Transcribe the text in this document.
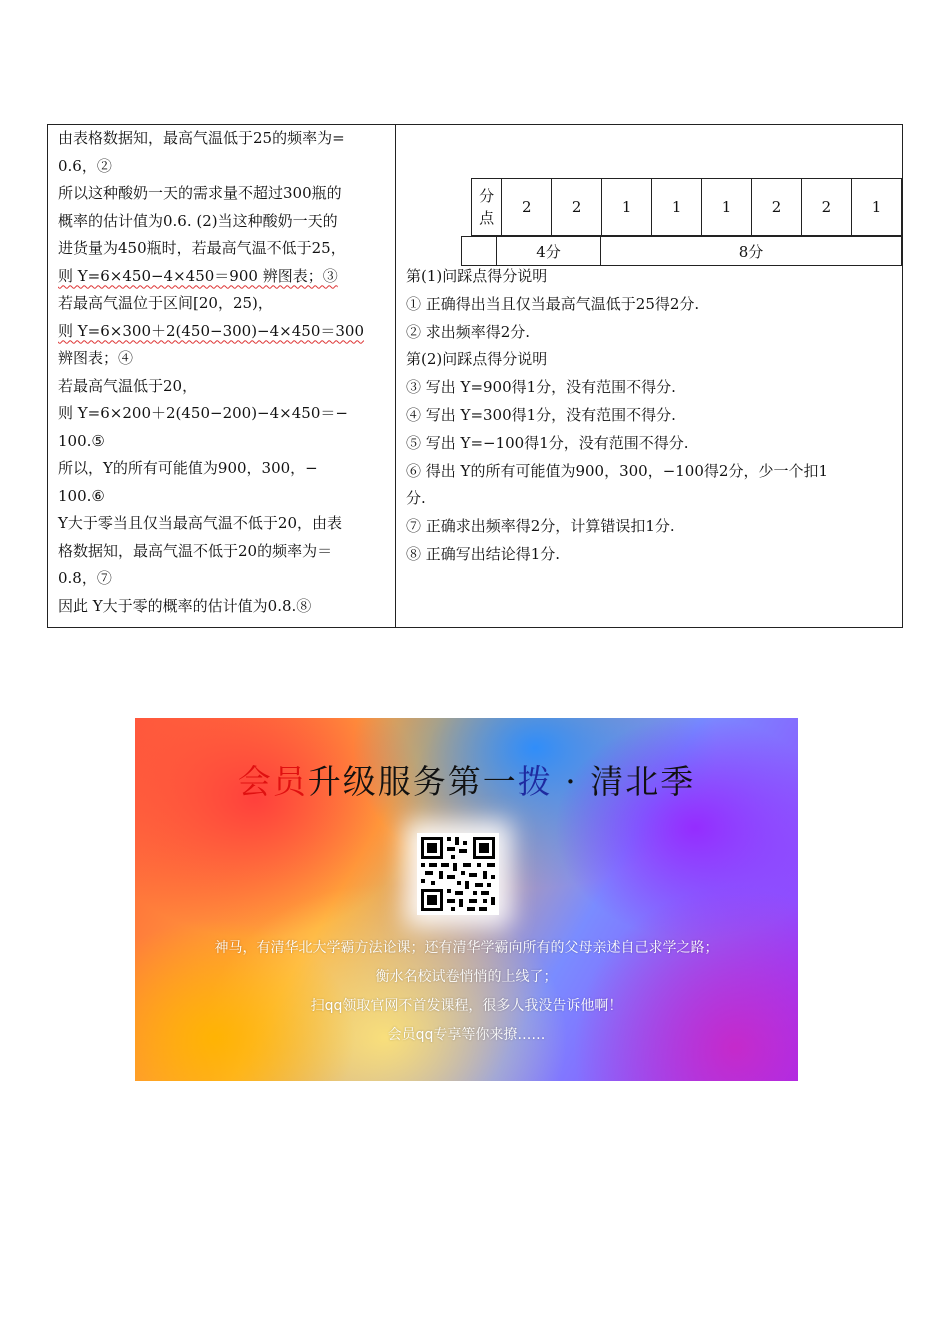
由表格数据知，最高气温低于25的频率为=
0.6，②
所以这种酸奶一天的需求量不超过300瓶的
概率的估计值为0.6. (2)当这种酸奶一天的
进货量为450瓶时，若最高气温不低于25，
则 Y=6×450−4×450＝900 辨图表；③
若最高气温位于区间[20，25)，
则 Y=6×300＋2(450−300)−4×450＝300
辨图表；④
若最高气温低于20，
则 Y=6×200＋2(450−200)−4×450＝−
100.⑤
所以，Y的所有可能值为900，300，−
100.⑥
Y大于零当且仅当最高气温不低于20，由表
格数据知，最高气温不低于20的频率为＝
0.8，⑦
因此 Y大于零的概率的估计值为0.8.⑧
分点	2	2	1	1	1	2	2	1
	4分	8分
第(1)问踩点得分说明
① 正确得出当且仅当最高气温低于25得2分.
② 求出频率得2分.
第(2)问踩点得分说明
③ 写出 Y=900得1分，没有范围不得分.
④ 写出 Y=300得1分，没有范围不得分.
⑤ 写出 Y=−100得1分，没有范围不得分.
⑥ 得出 Y的所有可能值为900，300，−100得2分，少一个扣1
分.
⑦ 正确求出频率得2分，计算错误扣1分.
⑧ 正确写出结论得1分.
会员升级服务第一拨 · 清北季
神马，有清华北大学霸方法论课；还有清华学霸向所有的父母亲述自己求学之路；
衡水名校试卷悄悄的上线了；
扫qq领取官网不首发课程，很多人我没告诉他啊！
会员qq专享等你来撩……
